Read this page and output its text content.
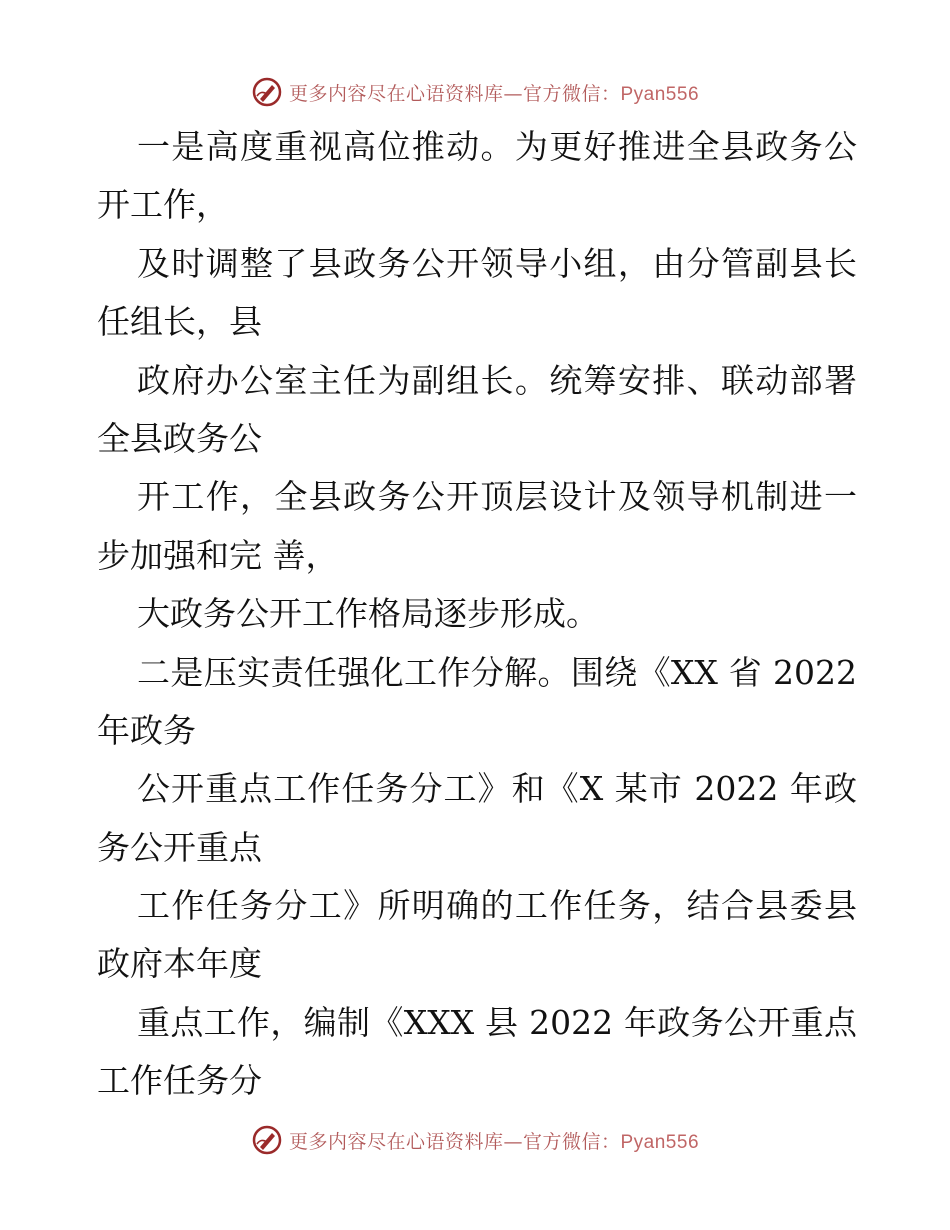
更多内容尽在心语资料库—官方微信：Pyan556
一是高度重视高位推动。为更好推进全县政务公
开工作，
及时调整了县政务公开领导小组，由分管副县长
任组长，县
政府办公室主任为副组长。统筹安排、联动部署
全县政务公
开工作，全县政务公开顶层设计及领导机制进一
步加强和完 善，
大政务公开工作格局逐步形成。
二是压实责任强化工作分解。围绕《XX 省 2022
年政务
公开重点工作任务分工》和《X 某市 2022 年政
务公开重点
工作任务分工》所明确的工作任务，结合县委县
政府本年度
重点工作，编制《XXX 县 2022 年政务公开重点
工作任务分
更多内容尽在心语资料库—官方微信：Pyan556
